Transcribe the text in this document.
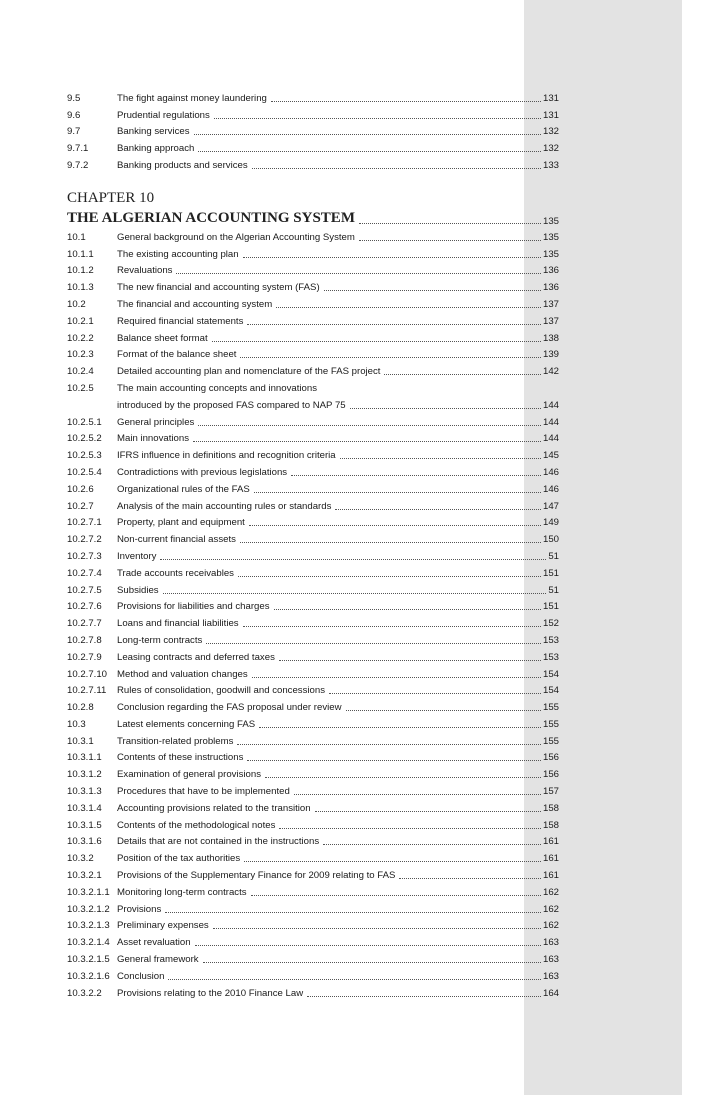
9.5	The fight against money laundering	131
9.6	Prudential regulations	131
9.7	Banking services	132
9.7.1	Banking approach	132
9.7.2	Banking products and services	133
CHAPTER 10
THE ALGERIAN ACCOUNTING SYSTEM	135
10.1	General background on the Algerian Accounting System	135
10.1.1	The existing accounting plan	135
10.1.2	Revaluations	136
10.1.3	The new financial and accounting system (FAS)	136
10.2	The financial and accounting system	137
10.2.1	Required financial statements	137
10.2.2	Balance sheet format	138
10.2.3	Format of the balance sheet	139
10.2.4	Detailed accounting plan and nomenclature of the FAS project	142
10.2.5	The main accounting concepts and innovations
introduced by the proposed FAS compared to NAP 75	144
10.2.5.1	General principles	144
10.2.5.2	Main innovations	144
10.2.5.3	IFRS influence in definitions and recognition criteria	145
10.2.5.4	Contradictions with previous legislations	146
10.2.6	Organizational rules of the FAS	146
10.2.7	Analysis of the main accounting rules or standards	147
10.2.7.1	Property, plant and equipment	149
10.2.7.2	Non-current financial assets	150
10.2.7.3	Inventory	51
10.2.7.4	Trade accounts receivables	151
10.2.7.5	Subsidies	51
10.2.7.6	Provisions for liabilities and charges	151
10.2.7.7	Loans and financial liabilities	152
10.2.7.8	Long-term contracts	153
10.2.7.9	Leasing contracts and deferred taxes	153
10.2.7.10	Method and valuation changes	154
10.2.7.11	Rules of consolidation, goodwill and concessions	154
10.2.8	Conclusion regarding the FAS proposal under review	155
10.3	Latest elements concerning FAS	155
10.3.1	Transition-related problems	155
10.3.1.1	Contents of these instructions	156
10.3.1.2	Examination of general provisions	156
10.3.1.3	Procedures that have to be implemented	157
10.3.1.4	Accounting provisions related to the transition	158
10.3.1.5	Contents of the methodological notes	158
10.3.1.6	Details that are not contained in the instructions	161
10.3.2	Position of the tax authorities	161
10.3.2.1	Provisions of the Supplementary Finance for 2009 relating to FAS	161
10.3.2.1.1 Monitoring long-term contracts	162
10.3.2.1.2 Provisions	162
10.3.2.1.3 Preliminary expenses	162
10.3.2.1.4 Asset revaluation	163
10.3.2.1.5 General framework	163
10.3.2.1.6 Conclusion	163
10.3.2.2	Provisions relating to the 2010 Finance Law	164
